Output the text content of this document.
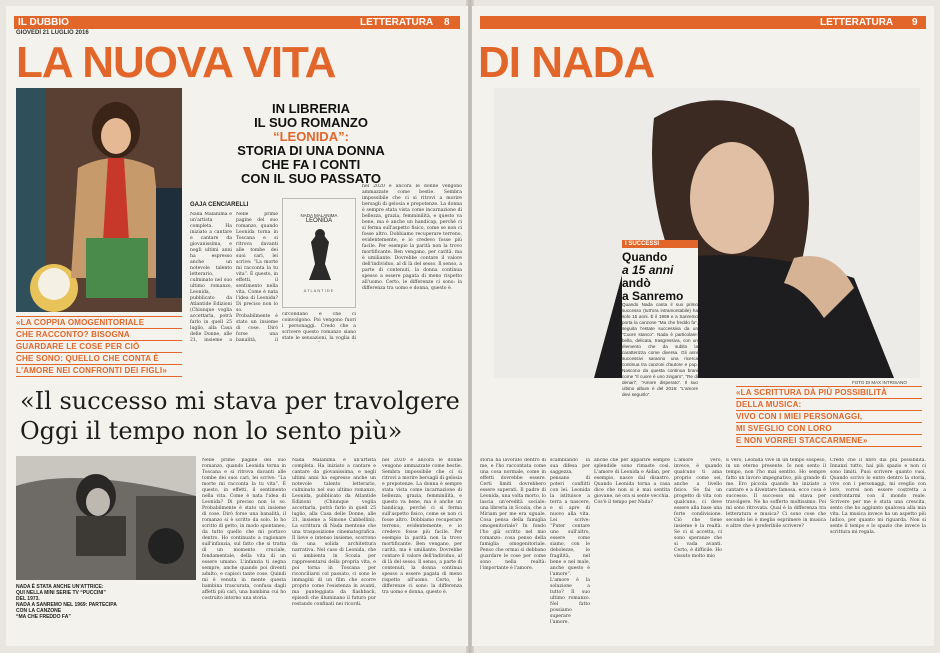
IL DUBBIO	LETTERATURA 8
GIOVEDÌ 21 LUGLIO 2016
LA NUOVA VITA
«LA COPPIA OMOGENITORIALE
CHE RACCONTO? BISOGNA
GUARDARE LE COSE PER CIÒ
CHE SONO: QUELLO CHE CONTA È
L'AMORE NEI CONFRONTI DEI FIGLI»
IN LIBRERIA
IL SUO ROMANZO
“LEONIDA”:
STORIA DI UNA DONNA
CHE FA I CONTI
CON IL SUO PASSATO
GAJA CENCIARELLI
NADA MALANIMA
LEONIDA
ATLANTIDE
Nada Malanima è un'artista completa. Ha iniziato a cantare e cantare da giovanissima, e negli ultimi anni ha espresso anche un notevole talento letterario, culminato nel suo ultimo romanzo, Leonida, pubblicato da Atlantide Edizioni (Chiunque voglia accettarla, potrà farlo in quell 25 luglio, alla Casa delle Donne, alle 21, insieme a
Nelle prime pagine del suo romanzo, quando Leonida torna in Toscana e si ritrova davanti alle tombe dei suoi cari, lei scrive: “La morte mi racconta la tu vita”. È questo, in effetti, il sentimento nella vita. Come è nata l'idea di Leonida? Di preciso non lo so. Probabilmente è stato un insieme di cose. Dirò forse una banalità, il
circondano e che ci coinvolgono. Poi vengono fuori i personaggi. Credo che a scrivere questo romanzo siano state le sensazioni, la voglia di
nel 2020 e ancora le donne vengono ammazzate come bestie. Sembra impossibile che ci si ritrovi a morire bersagli di gelosia e prepotenze. La donna è sempre stata vista come incarnazione di bellezza, grazia, femminilità, e questo va bene, ma è anche un handicap, perché ci si ferma sull'aspetto fisico, come se non ci fosse altro. Dobbiamo recuperare terreno, evidentemente, e io credevo fosse più facile. Per esempio la parità non la trovo mortificante. Ben vengano, per carità, ma è umiliante. Dovrebbe contare il valore dell'individuo, al di là del sesso. Il senso, a parte di contenuti, la donna continua spesso a essere pagata di meno rispetto all'uomo. Certo, le differenze ci sono: la differenza tra uomo e donna, questo è.
«Il successo mi stava per travolgere
NADA È STATA ANCHE UN'ATTRICE:
QUI NELLA MINI SERIE TV “PUCCINI”
DEL 1973.
NADA A SANREMO NEL 1969: PARTECIPA
CON LA CANZONE
“MA CHE FREDDO FA”
Nelle prime pagine del suo romanzo, quando Leonida torna in Toscana e si ritrova davanti alle tombe dei suoi cari, lei scrive: “La morte mi racconta la tu vita”. È questo, in effetti, il sentimento nella vita. Come è nata l'idea di Leonida? Di preciso non lo so. Probabilmente è stato un insieme di cose. Dirò forse una banalità, il romanzo si è scritto da solo. Io ho scritto di getto, in modo spontaneo, da tutto quello che mi portavo dentro. Ho continuato a ragionare sull'infanzia, sul fatto che si tratta di un momento cruciale, fondamentale, della vita di un essere umano. L'infanzia ti segna sempre, anche quando poi diventi adulto, e capisci tante cose. Quindi mi è venuta in mente questa bambina trascurata, confusa dagli affetti più cari, una bambina cui ho costruito intorno una storia.
Nada Malanima è un'artista completa. Ha iniziato a cantare e cantare da giovanissima, e negli ultimi anni ha espresso anche un notevole talento letterario, culminato nel suo ultimo romanzo, Leonida, pubblicato da Atlantide Edizioni (Chiunque voglia accettarla, potrà farlo in quell 25 luglio, alla Casa delle Donne, alle 21, insieme a Simone Cabbellini). La scrittura di Nada mentone che una trasposizione cinematografica. Il lieve e intenso insieme, scorrono da una solida architettura narrativa. Nel caso di Leonida, che si ambienta in Scozia per rappresentarsi della propria vita, e poi torna in Toscana per riconciliarsi col passato, ci sono le immagini di un film che scorre proprio come l'esistenza in avanti, ma punteggiata da flashback, episodi che illuminano il futuro pur restando confinati nei ricordi.
nel 2020 e ancora le donne vengono ammazzate come bestie. Sembra impossibile che ci si ritrovi a morire bersagli di gelosia e prepotenze. La donna è sempre stata vista come incarnazione di bellezza, grazia, femminilità, e questo va bene, ma è anche un handicap, perché ci si ferma sull'aspetto fisico, come se non ci fosse altro. Dobbiamo recuperare terreno, evidentemente, e io credevo fosse più facile. Per esempio la parità non la trovo mortificante. Ben vengano, per carità, ma è umiliante. Dovrebbe contare il valore dell'individuo, al di là del sesso. Il senso, a parte di contenuti, la donna continua spesso a essere pagata di meno rispetto all'uomo. Certo, le differenze ci sono: la differenza tra uomo e donna, questo è.
LETTERATURA 9
DI NADA
FOTO DI MAX INTRISANO
I SUCCESSI
Quando
a 15 anni
andò
a Sanremo
Quando Nada canta il suo primo successo (tutt'ora intramontabile) ha solo 15 anni. È il 1969 e a Sanremo porta la canzone “Ma che freddo fa”, seguita l'estate successiva da un “Cuore stanco”. Nada è particolare: bella, delicata, trasgressiva, con un elemento che da subito la caratterizza come diversa. Gli anni successivi saranno una ricerca continua tra canzoni d'autore e pop. Nascono da questa continua brani come “Il cuore è uno zingaro”, “Re di denari”, “Amore disperato”. Il suo ultimo album è del 2016: “L'amore devi seguirlo”.	«LA SCRITTURA DÀ PIÙ POSSIBILITÀ
DELLA MUSICA:
VIVO CON I MIEI PERSONAGGI,
MI SVEGLIO CON LORO
E NON VORREI STACCARMENE»
storia ha lavorato dentro di me, e l'ho raccontata come una cosa normale, come in effetti dovrebbe essere. Certi limiti dovrebbero essere superati. Il padre di Leonida, una volta morto, lo lascia un'eredità sociale: una libreria in Scozia, che a Miriam per me era uguale. Cosa pensa della famiglia omogenitoriale? In fondo l'ho già scritto nel mio romanzo: cosa penso della famiglia omogenitoriale. Penso che ormai si debbano guardare le cose per come sono nella realtà: l'importante è l'amore.
scambiando la sua difesa per saggezza, pensano di poteri conflitti con lei. Leonida la istituisce a terra a nascere, e si apre di nuovo alla vita. Lei scrive: “Puter contare uno sull'altro, essere come siamo, con le debolezze, le fragilità, nel bene e nel male, anche questo è l'amore”. L'amore è la soluzione a tutto? Il suo ultimo romanzo. Nel fatto possiamo superare l'amore.
anche che per apparire sempre splendide sono rimaste così. L'amore di Leonida e Aidan, per esempio, nasce dal disastro. Quando Leonida torna a casa dice che non si è mai sentita giovane, né ora si sente vecchia. Cos'è il tempo per Nada?
L'amore vero, invece, è quando qualcuno ti ama proprio come sei, anche a livello fisico. Se fai un progetto di vita con qualcuno, ci deve essere alla base una forte condivisione. Ciò che tiene insieme è la realtà. Se ci si accetta, ci sono speranze che si vada avanti. Certo, è difficile. Ho vissuto molto mio
E vero, Leonida vive in un tempo sospeso, in un eterno presente. Io non sento il tempo, non l'ho mai sentito. Ho sempre fatto un lavoro impegnativo, più grande di me. Ero piccola quando ho iniziato a cantare e a diventare famosa, ecco cosa è successo. Il successo mi stava per travolgere. Ne ho sofferto moltissimo. Poi mi sono ritrovata. Qual è la differenza tra letteratura e musica? Ci sono cose che secondo lei è meglio esprimere in musica e altre che è preferibile scrivere?
Credo che il libro dia più possibilità. Innanzi tutto, hai più spazio e non ci sono limiti. Puoi scrivere quanto vuoi. Quando scrivo lo entro dentro la storia, vivo con i personaggi, mi sveglio con loro, vorrei non essere costretta a confrontarmi con il mondo reale. Scrivere per me è stata una crescita, sento che ho aggiunto qualcosa alla mia vita. La musica invece ha un aspetto più ludico, per quanto mi riguarda. Non si sente il tempo e lo spazio che invece la scrittura mi regala.
Oggi il tempo non lo sento più»
